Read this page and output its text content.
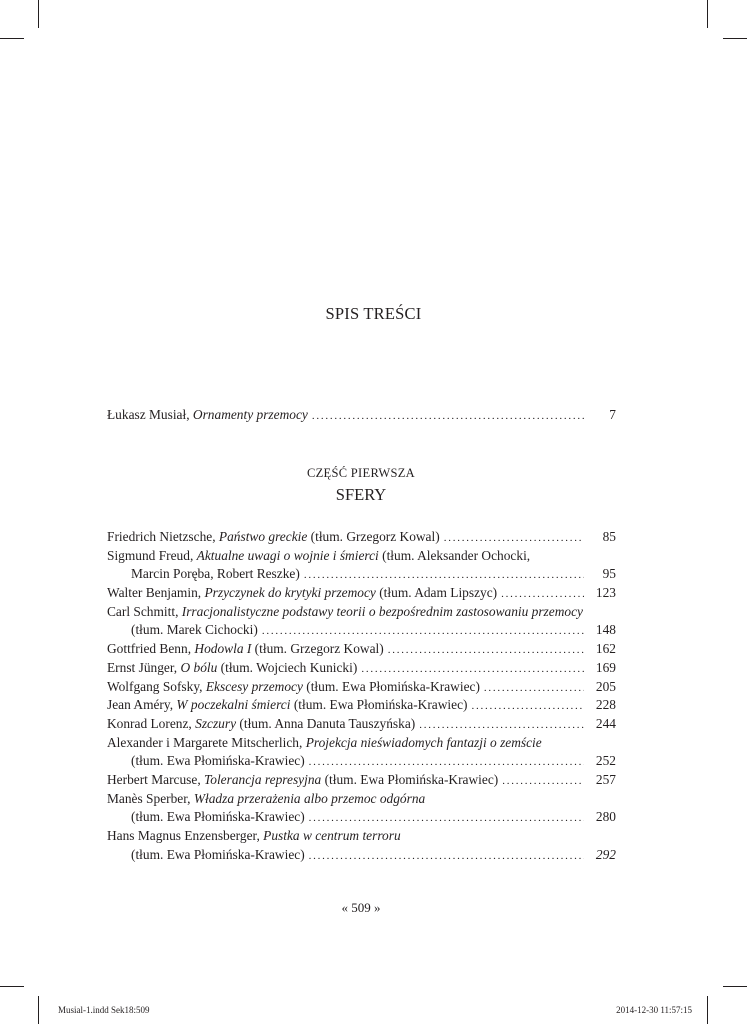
SPIS TREŚCI
Łukasz Musiał, Ornamenty przemocy . . .	7
CZĘŚĆ PIERWSZA
SFERY
Friedrich Nietzsche, Państwo greckie (tłum. Grzegorz Kowal) . . .	85
Sigmund Freud, Aktualne uwagi o wojnie i śmierci (tłum. Aleksander Ochocki,
Marcin Poręba, Robert Reszke) . . .	95
Walter Benjamin, Przyczynek do krytyki przemocy (tłum. Adam Lipszyc) . . .	123
Carl Schmitt, Irracjonalistyczne podstawy teorii o bezpośrednim zastosowaniu przemocy
(tłum. Marek Cichocki) . . .	148
Gottfried Benn, Hodowla I (tłum. Grzegorz Kowal) . . .	162
Ernst Jünger, O bólu (tłum. Wojciech Kunicki) . . .	169
Wolfgang Sofsky, Ekscesy przemocy (tłum. Ewa Płomińska-Krawiec) . . .	205
Jean Améry, W poczekalni śmierci (tłum. Ewa Płomińska-Krawiec) . . .	228
Konrad Lorenz, Szczury (tłum. Anna Danuta Tauszyńska) . . .	244
Alexander i Margarete Mitscherlich, Projekcja nieświadomych fantazji o zemście
(tłum. Ewa Płomińska-Krawiec) . . .	252
Herbert Marcuse, Tolerancja represyjna (tłum. Ewa Płomińska-Krawiec) . . .	257
Manès Sperber, Władza przerażenia albo przemoc odgórna
(tłum. Ewa Płomińska-Krawiec) . . .	280
Hans Magnus Enzensberger, Pustka w centrum terroru
(tłum. Ewa Płomińska-Krawiec) . . .	292
« 509 »
Musial-1.indd Sek18:509	2014-12-30 11:57:15
